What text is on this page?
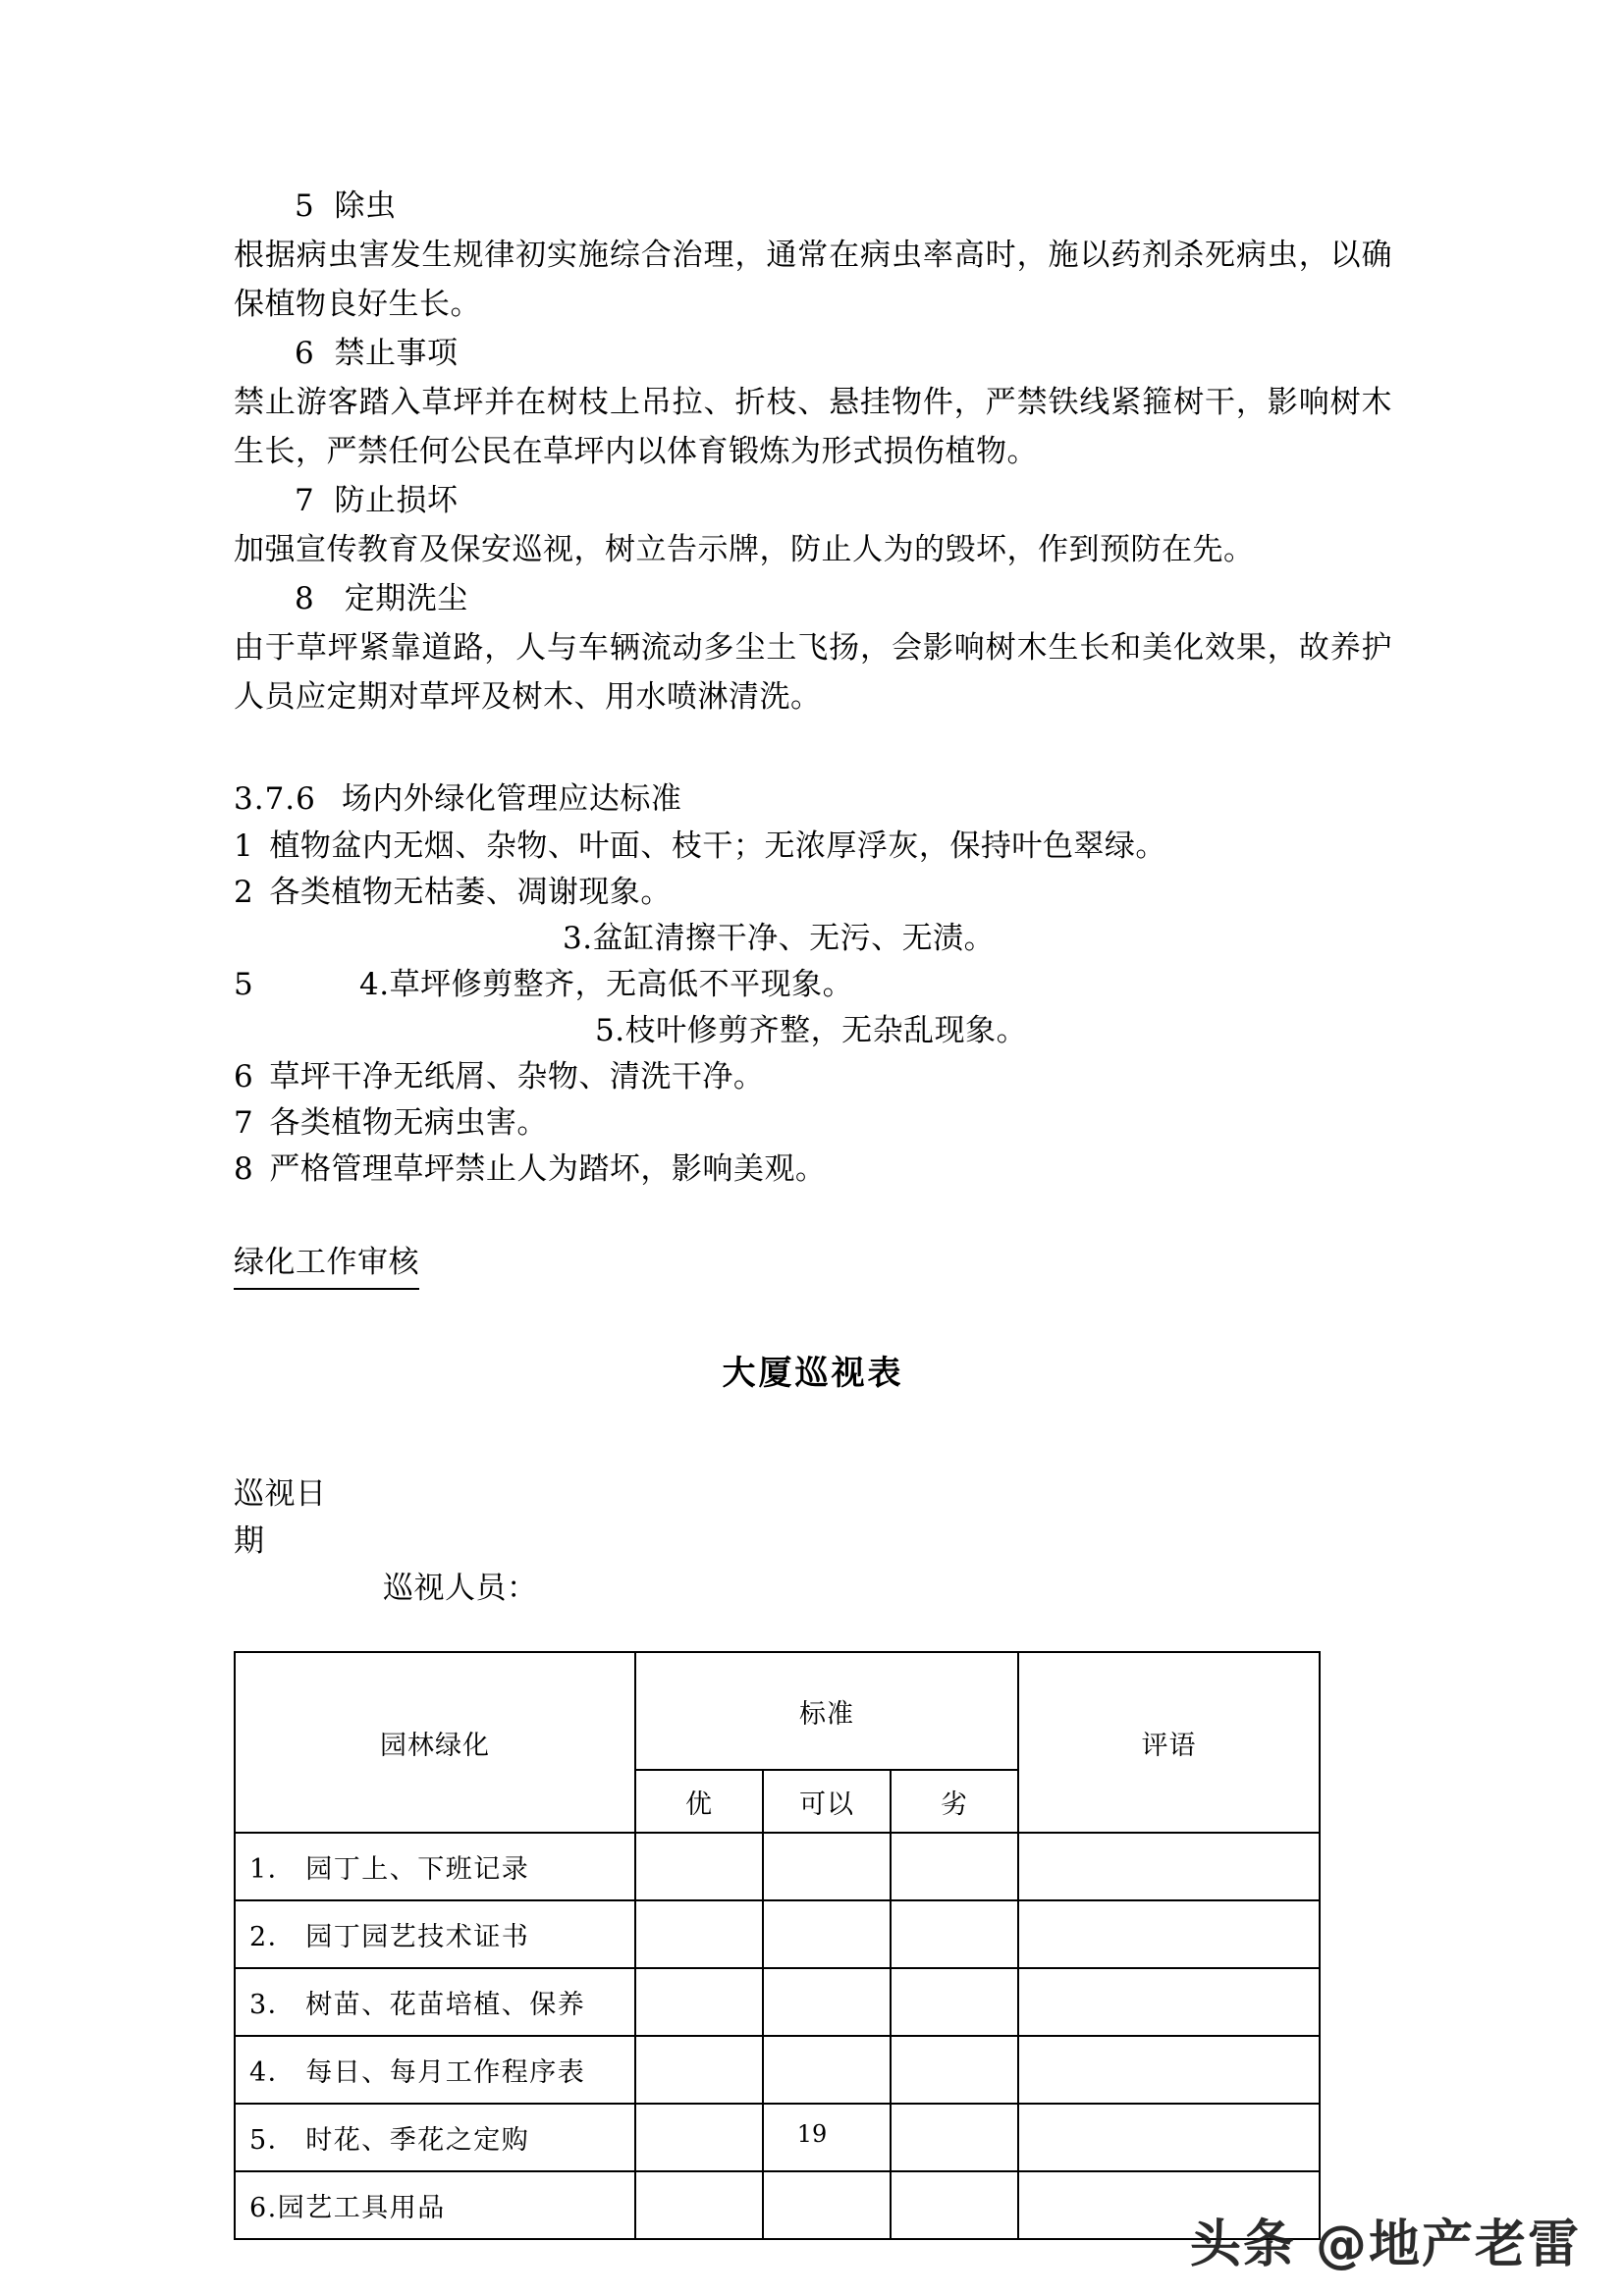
5 除虫

根据病虫害发生规律初实施综合治理，通常在病虫率高时，施以药剂杀死病虫，以确保植物良好生长。

6 禁止事项

禁止游客踏入草坪并在树枝上吊拉、折枝、悬挂物件，严禁铁线紧箍树干，影响树木生长，严禁任何公民在草坪内以体育锻炼为形式损伤植物。

7 防止损坏

加强宣传教育及保安巡视，树立告示牌，防止人为的毁坏，作到预防在先。

8 定期洗尘

由于草坪紧靠道路，人与车辆流动多尘土飞扬，会影响树木生长和美化效果，故养护人员应定期对草坪及树木、用水喷淋清洗。

3.7.6 场内外绿化管理应达标准
1 植物盆内无烟、杂物、叶面、枝干；无浓厚浮灰，保持叶色翠绿。
2 各类植物无枯萎、凋谢现象。
3.盆缸清擦干净、无污、无渍。
5	4.草坪修剪整齐，无高低不平现象。
5.枝叶修剪齐整，无杂乱现象。
6 草坪干净无纸屑、杂物、清洗干净。
7 各类植物无病虫害。
8 严格管理草坪禁止人为踏坏，影响美观。
绿化工作审核
大厦巡视表
巡视日
期
巡视人员：
园林绿化	标准			评语
	优	可以	劣	
1． 园丁上、下班记录				
2． 园丁园艺技术证书				
3． 树苗、花苗培植、保养				
4． 每日、每月工作程序表				
5． 时花、季花之定购				
6.园艺工具用品				
19
头条 @地产老雷
